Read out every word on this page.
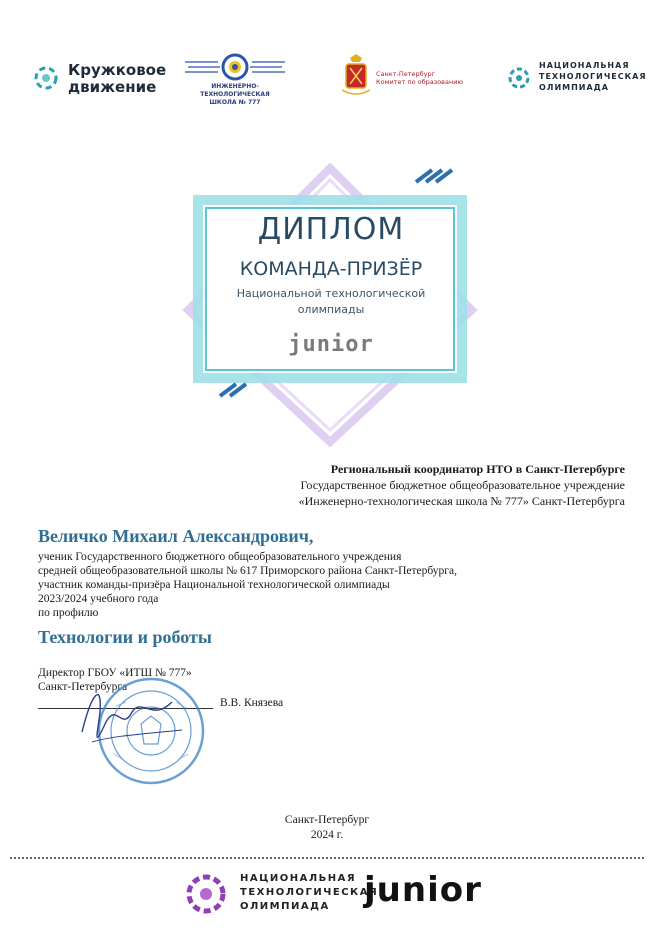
Кружковое
движение	ИНЖЕНЕРНО-ТЕХНОЛОГИЧЕСКАЯ
ШКОЛА № 777
Санкт-Петербург
Комитет по образованию
НАЦИОНАЛЬНАЯ
ТЕХНОЛОГИЧЕСКАЯ
ОЛИМПИАДА
ДИПЛОМ
КОМАНДА-ПРИЗЁР
Национальной технологической
олимпиады
junior
Региональный координатор НТО в Санкт-Петербурге
Государственное бюджетное общеобразовательное учреждение
«Инженерно-технологическая школа № 777» Санкт-Петербурга
Величко Михаил Александрович,
ученик Государственного бюджетного общеобразовательного учреждения
средней общеобразовательной школы № 617 Приморского района Санкт-Петербурга,
участник команды-призёра Национальной технологической олимпиады
2023/2024 учебного года
по профилю
Технологии и роботы
Директор ГБОУ «ИТШ № 777»
Санкт-Петербурга
В.В. Князева
Санкт-Петербург
2024 г.
НАЦИОНАЛЬНАЯ
ТЕХНОЛОГИЧЕСКАЯ
ОЛИМПИАДА	junior
